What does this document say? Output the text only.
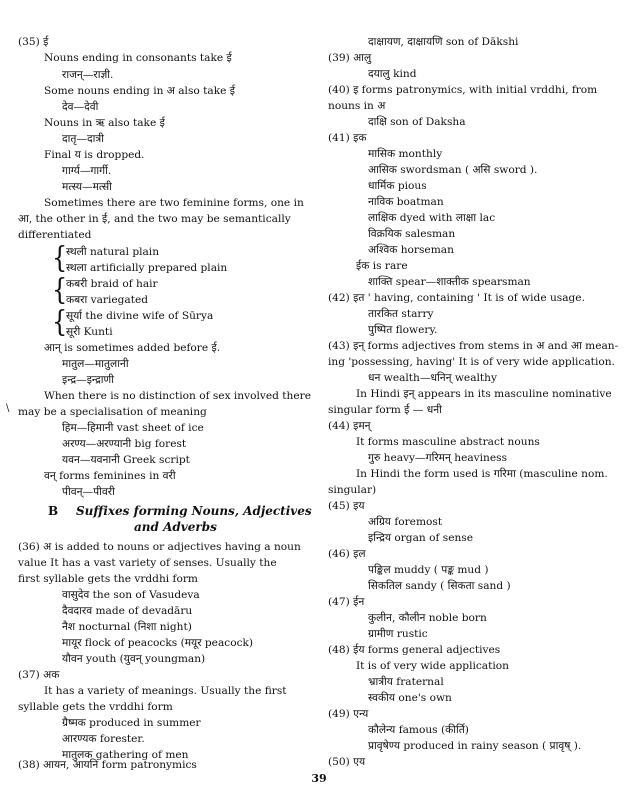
(35) ई
Nouns ending in consonants take ई
राजन्—राज्ञी.
Some nouns ending in अ also take ई
देव—देवी
Nouns in ऋ also take ई
दातृ—दात्री
Final य is dropped.
गार्ग्य—गार्गी.
मत्स्य—मत्सी
Sometimes there are two feminine forms, one in
आ, the other in ई, and the two may be semantically
differentiated
{
{
{
स्थली natural plain
स्थला artificially prepared plain
कबरी braid of hair
कबरा variegated
सूर्या the divine wife of Sūrya
सूरी Kunti
आन् is sometimes added before ई.
मातुल—मातुलानी
इन्द्र—इन्द्राणी
When there is no distinction of sex involved there
may be a specialisation of meaning
हिम—हिमानी vast sheet of ice
अरण्य—अरण्यानी big forest
यवन—यवनानी Greek script
वन् forms feminines in वरी
पीवन्—पीवरी
B Suffixes forming Nouns, Adjectives
and Adverbs
(36) अ is added to nouns or adjectives having a noun
value It has a vast variety of senses. Usually the
first syllable gets the vrddhi form
वासुदेव the son of Vasudeva
दैवदारव made of devadāru
नैश nocturnal (निशा night)
मायूर flock of peacocks (मयूर peacock)
यौवन youth (युवन् youngman)
(37) अक
It has a variety of meanings. Usually the first
syllable gets the vrddhi form
ग्रैष्मक produced in summer
आरण्यक forester.
मातुलक gathering of men
(38) आयन, आयनि form patronymics
दाक्षायण, दाक्षायणि son of Dākshi
(39) आलु
दयालु kind
(40) इ forms patronymics, with initial vrddhi, from
nouns in अ
दाक्षि son of Daksha
(41) इक
मासिक monthly
आसिक swordsman ( असि sword ).
धार्मिक pious
नाविक boatman
लाक्षिक dyed with लाक्षा lac
विक्रयिक salesman
अश्विक horseman
ईक is rare
शाक्ति spear—शाक्तीक spearsman
(42) इत ' having, containing ' It is of wide usage.
तारकित starry
पुष्पित flowery.
(43) इन् forms adjectives from stems in अ and आ mean-
ing 'possessing, having' It is of very wide application.
धन wealth—धनिन् wealthy
In Hindi इन् appears in its masculine nominative
singular form ई — धनी
(44) इमन्
It forms masculine abstract nouns
गुरु heavy—गरिमन् heaviness
In Hindi the form used is गरिमा (masculine nom.
singular)
(45) इय
अग्रिय foremost
इन्द्रिय organ of sense
(46) इल
पङ्किल muddy ( पङ्क mud )
सिकतिल sandy ( सिकता sand )
(47) ईन
कुलीन, कौलीन noble born
ग्रामीण rustic
(48) ईय forms general adjectives
It is of very wide application
भ्रात्रीय fraternal
स्वकीय one's own
(49) एन्य
कौलेन्य famous (कीर्ति)
प्रावृषेण्य produced in rainy season ( प्रावृष् ).
(50) एय
\
39
